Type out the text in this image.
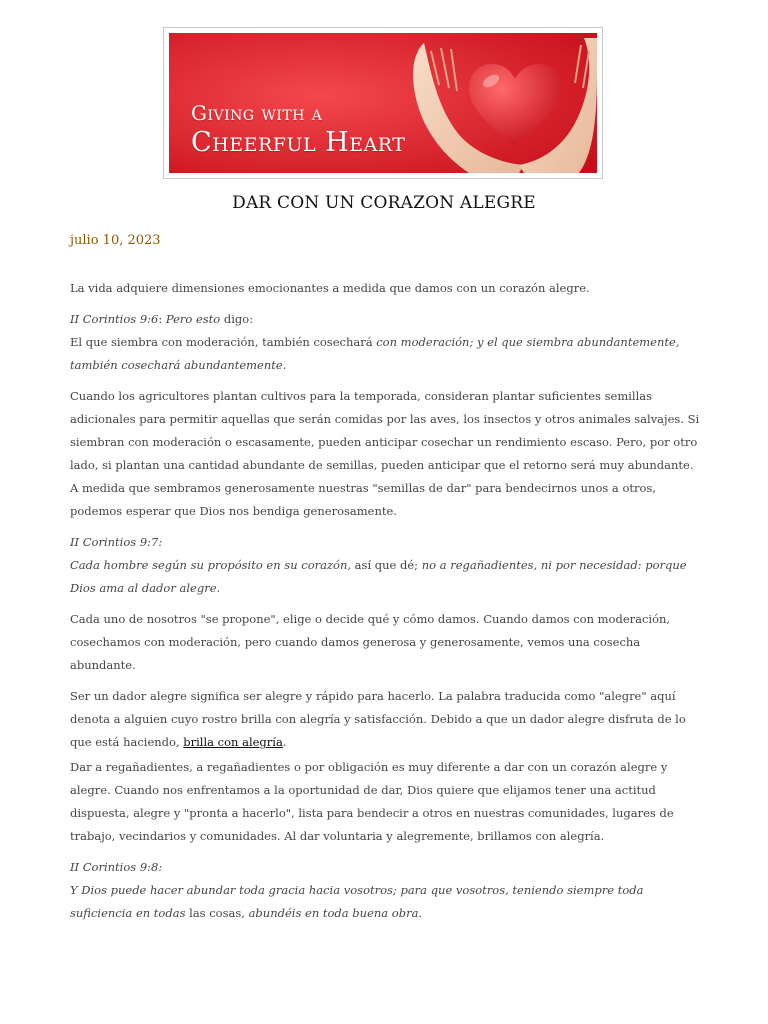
Giving with a
Cheerful Heart
DAR CON UN CORAZON ALEGRE
julio 10, 2023

La vida adquiere dimensiones emocionantes a medida que damos con un corazón alegre.

II Corintios 9:6: Pero esto digo:
El que siembra con moderación, también cosechará con moderación; y el que siembra abundantemente, también cosechará abundantemente.

Cuando los agricultores plantan cultivos para la temporada, consideran plantar suficientes semillas adicionales para permitir aquellas que serán comidas por las aves, los insectos y otros animales salvajes. Si siembran con moderación o escasamente, pueden anticipar cosechar un rendimiento escaso. Pero, por otro lado, si plantan una cantidad abundante de semillas, pueden anticipar que el retorno será muy abundante. A medida que sembramos generosamente nuestras "semillas de dar" para bendecirnos unos a otros, podemos esperar que Dios nos bendiga generosamente.

II Corintios 9:7:
Cada hombre según su propósito en su corazón, así que dé; no a regañadientes, ni por necesidad: porque Dios ama al dador alegre.

Cada uno de nosotros "se propone", elige o decide qué y cómo damos. Cuando damos con moderación, cosechamos con moderación, pero cuando damos generosa y generosamente, vemos una cosecha abundante.

Ser un dador alegre significa ser alegre y rápido para hacerlo. La palabra traducida como "alegre" aquí denota a alguien cuyo rostro brilla con alegría y satisfacción. Debido a que un dador alegre disfruta de lo que está haciendo, brilla con alegría.

Dar a regañadientes, a regañadientes o por obligación es muy diferente a dar con un corazón alegre y alegre. Cuando nos enfrentamos a la oportunidad de dar, Dios quiere que elijamos tener una actitud dispuesta, alegre y "pronta a hacerlo", lista para bendecir a otros en nuestras comunidades, lugares de trabajo, vecindarios y comunidades. Al dar voluntaria y alegremente, brillamos con alegría.

II Corintios 9:8:
Y Dios puede hacer abundar toda gracia hacia vosotros; para que vosotros, teniendo siempre toda suficiencia en todas las cosas, abundéis en toda buena obra.
